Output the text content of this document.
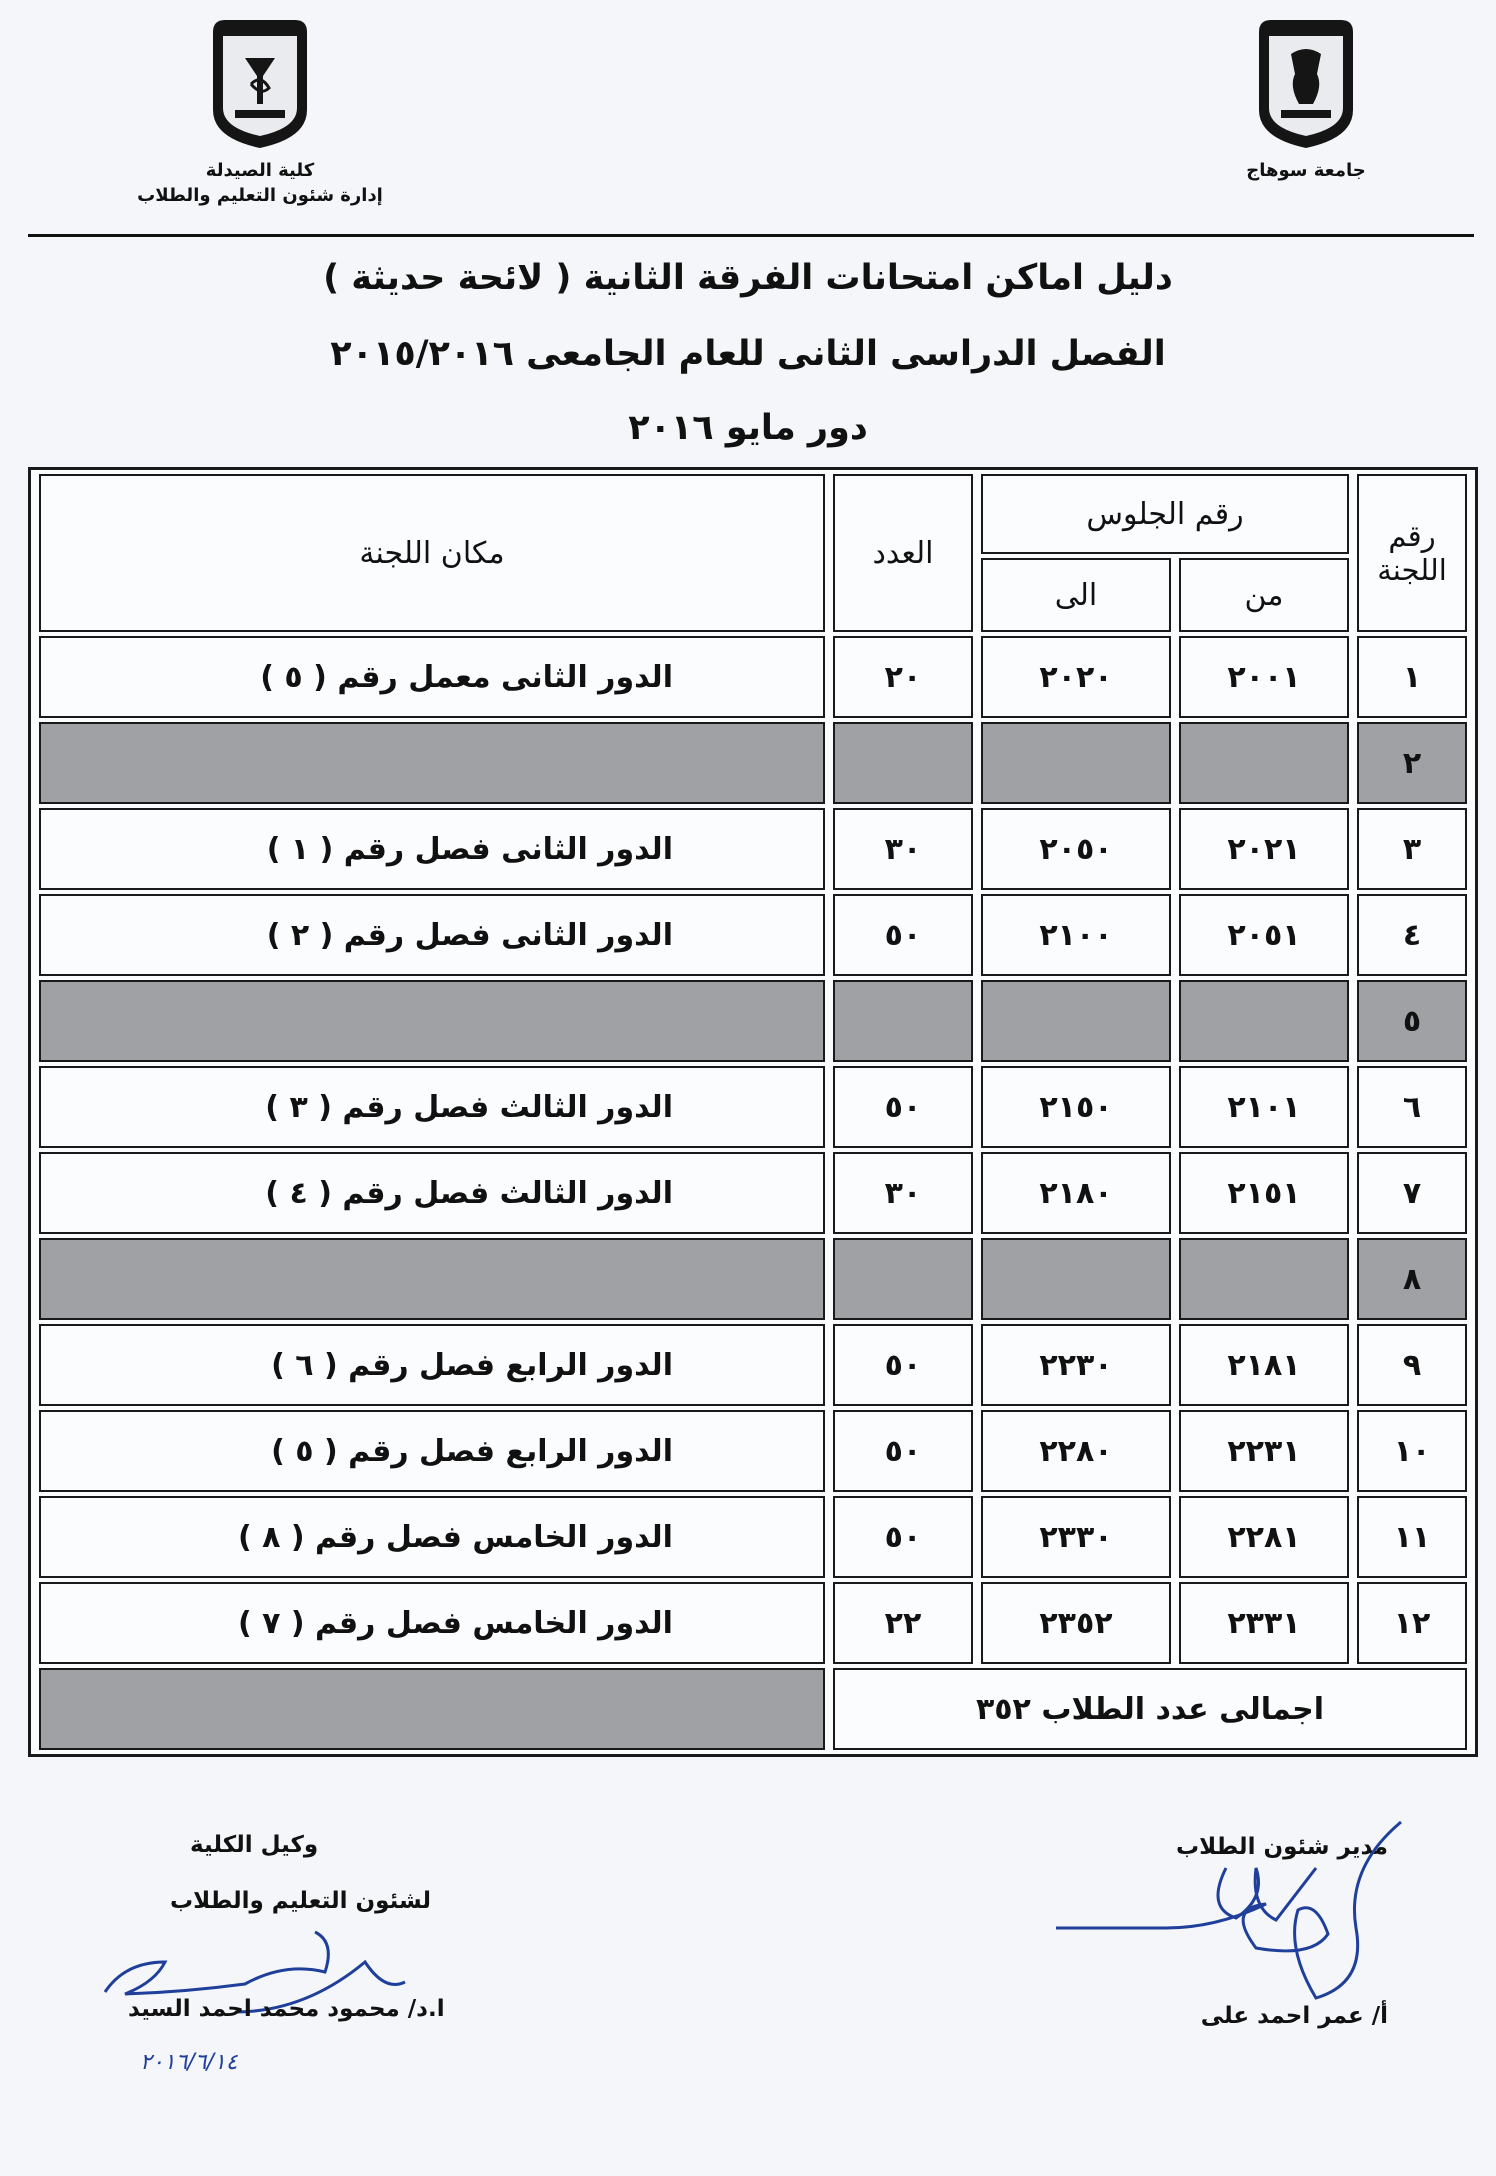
جامعة سوهاج
كلية الصيدلة
إدارة شئون التعليم والطلاب
دليل اماكن امتحانات الفرقة الثانية ( لائحة حديثة )
الفصل الدراسى الثانى للعام الجامعى ٢٠١٥/٢٠١٦
دور مايو ٢٠١٦
رقم اللجنة	رقم الجلوس		العدد	مكان اللجنة
	من	الى		
١	٢٠٠١	٢٠٢٠	٢٠	الدور الثانى معمل رقم ( ٥ )
٢				
٣	٢٠٢١	٢٠٥٠	٣٠	الدور الثانى فصل رقم ( ١ )
٤	٢٠٥١	٢١٠٠	٥٠	الدور الثانى فصل رقم ( ٢ )
٥				
٦	٢١٠١	٢١٥٠	٥٠	الدور الثالث فصل رقم ( ٣ )
٧	٢١٥١	٢١٨٠	٣٠	الدور الثالث فصل رقم ( ٤ )
٨				
٩	٢١٨١	٢٢٣٠	٥٠	الدور الرابع فصل رقم ( ٦ )
١٠	٢٢٣١	٢٢٨٠	٥٠	الدور الرابع فصل رقم ( ٥ )
١١	٢٢٨١	٢٣٣٠	٥٠	الدور الخامس فصل رقم ( ٨ )
١٢	٢٣٣١	٢٣٥٢	٢٢	الدور الخامس فصل رقم ( ٧ )
اجمالى عدد الطلاب ٣٥٢				
مدير شئون الطلاب
أ/ عمر احمد على
وكيل الكلية
لشئون التعليم والطلاب
ا.د/ محمود محمد احمد السيد
٢٠١٦/٦/١٤
